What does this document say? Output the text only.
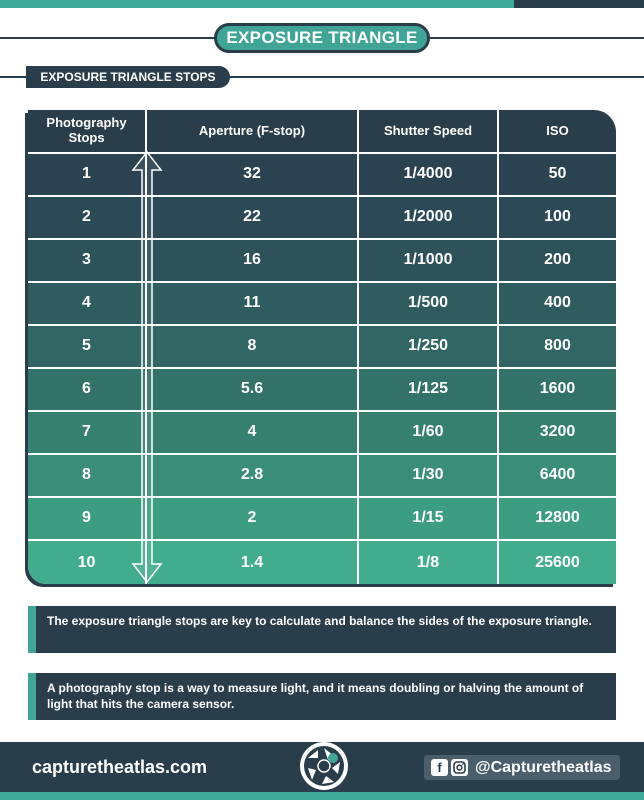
EXPOSURE TRIANGLE
EXPOSURE TRIANGLE STOPS
Photography Stops	Aperture (F-stop)	Shutter Speed	ISO
1	32	1/4000	50
2	22	1/2000	100
3	16	1/1000	200
4	11	1/500	400
5	8	1/250	800
6	5.6	1/125	1600
7	4	1/60	3200
8	2.8	1/30	6400
9	2	1/15	12800
10	1.4	1/8	25600
The exposure triangle stops are key to calculate and balance the sides of the exposure triangle.
A photography stop is a way to measure light, and it means doubling or halving the amount of light that hits the camera sensor.
capturetheatlas.com	f	@Capturetheatlas
